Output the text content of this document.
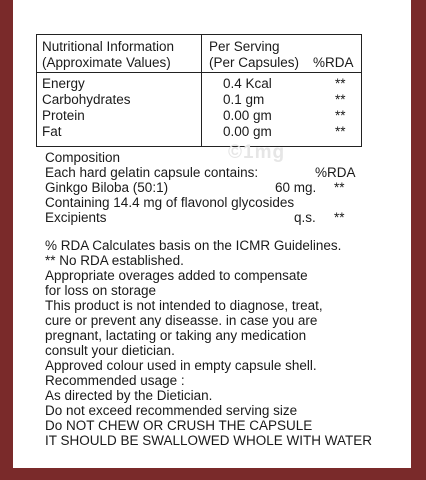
Nutritional Information
(Approximate Values)
Per Serving
(Per Capsules) %RDA
Energy	0.4 Kcal	**
Carbohydrates	0.1 gm	**
Protein	0.00 gm	**
Fat	0.00 gm	**
©1mg
Composition
Each hard gelatin capsule contains:	%RDA
Ginkgo Biloba (50:1)	60 mg. **
Containing 14.4 mg of flavonol glycosides
Excipients	q.s. **
% RDA Calculates basis on the ICMR Guidelines.
** No RDA established.
Appropriate overages added to compensate
for loss on storage
This product is not intended to diagnose, treat,
cure or prevent any diseasse. in case you are
pregnant, lactating or taking any medication
consult your dietician.
Approved colour used in empty capsule shell.
Recommended usage :
As directed by the Dietician.
Do not exceed recommended serving size
Do NOT CHEW OR CRUSH THE CAPSULE
IT SHOULD BE SWALLOWED WHOLE WITH WATER
